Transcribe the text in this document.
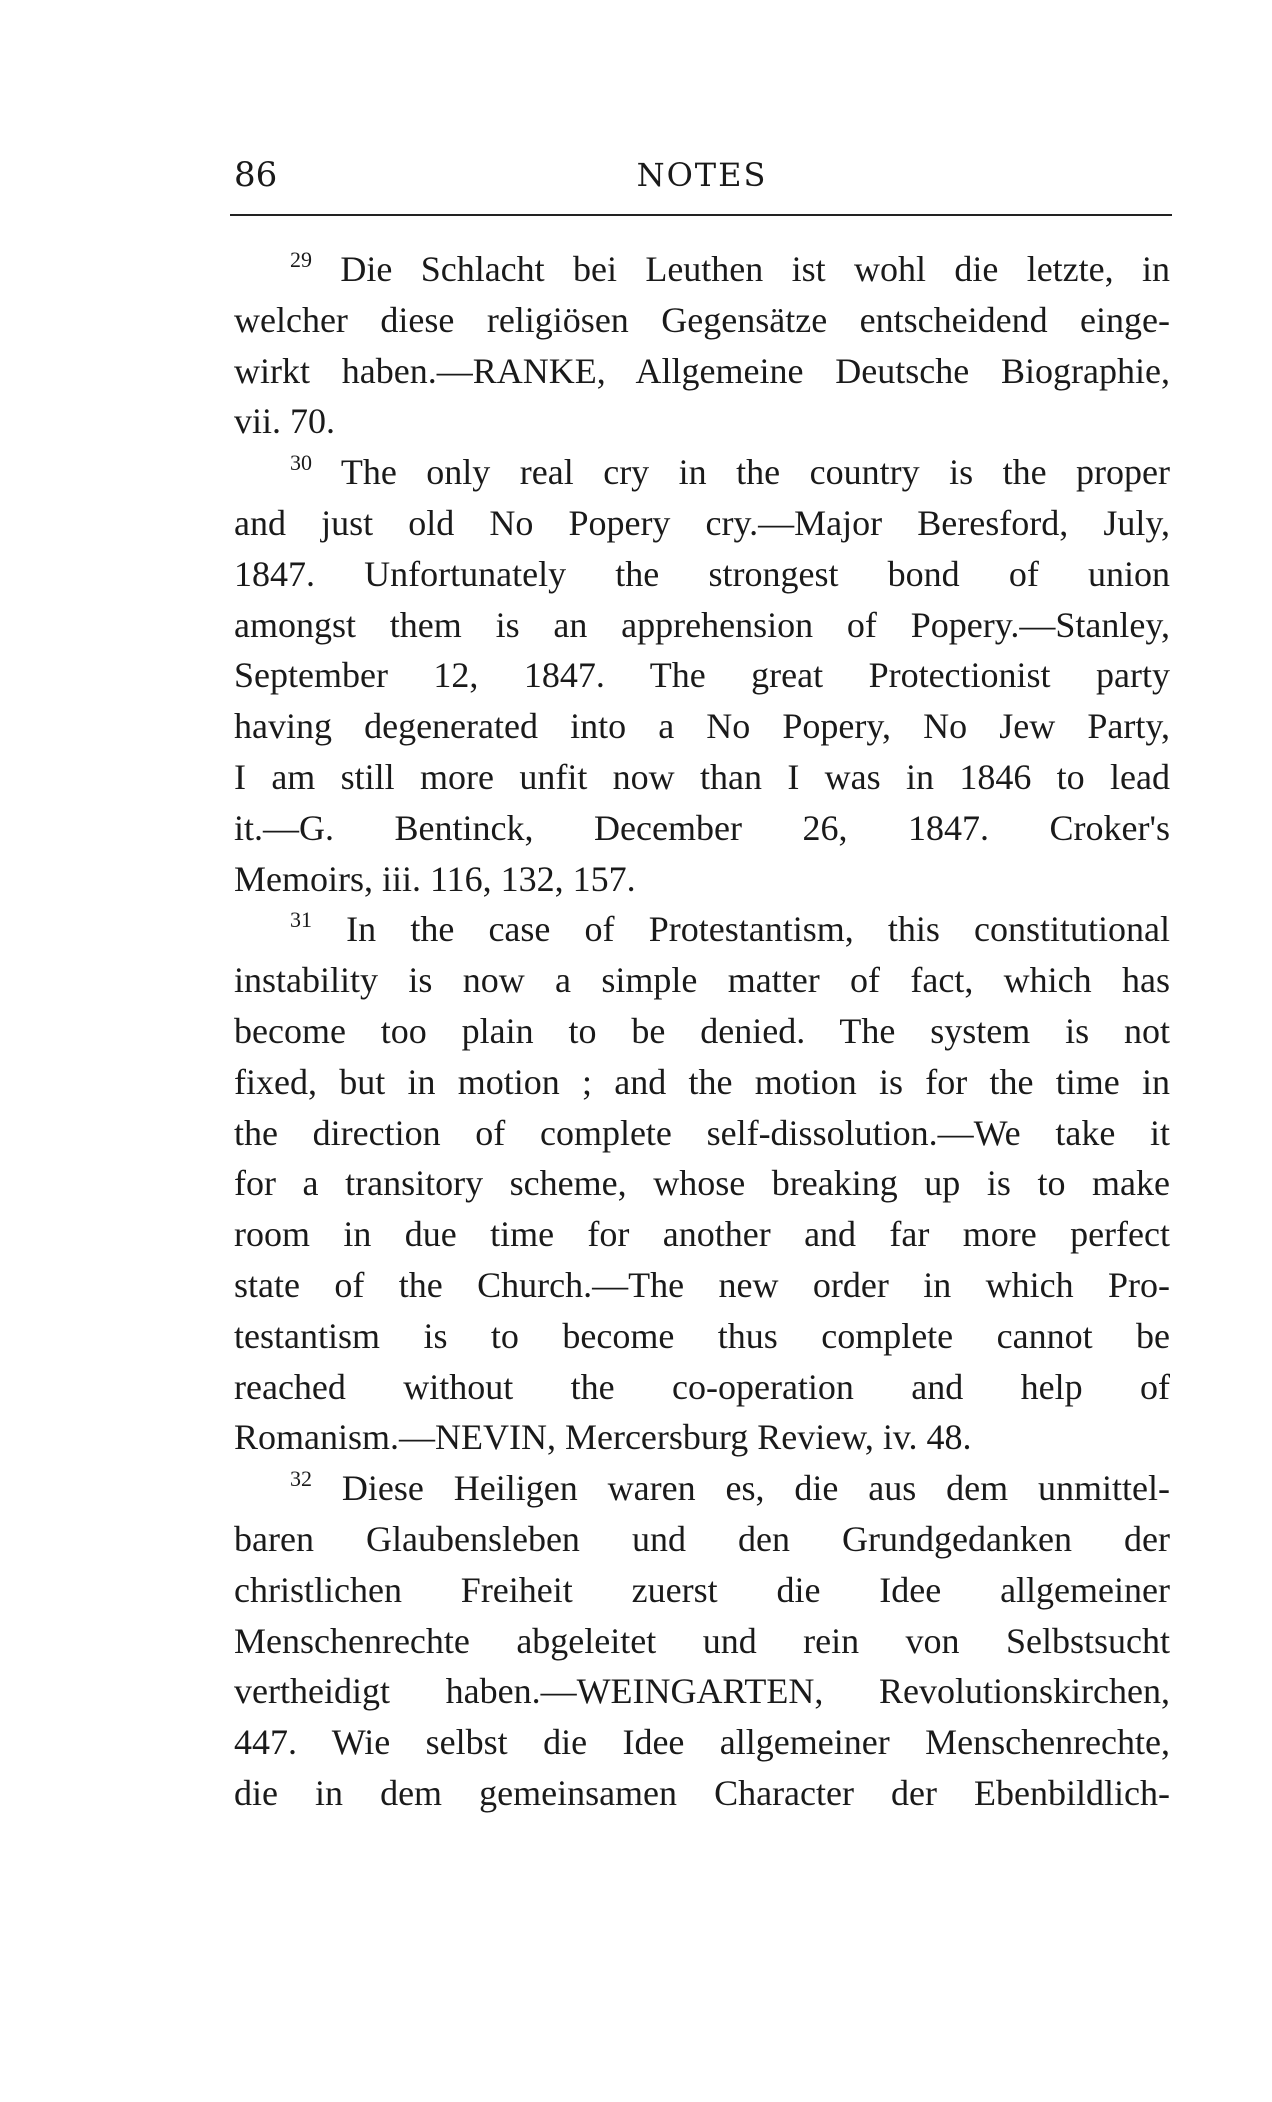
86	NOTES
$^{29}$ Die Schlacht bei Leuthen ist wohl die letzte, in
welcher diese religiösen Gegensätze entscheidend einge-
wirkt haben.—RANKE, Allgemeine Deutsche Biographie,
vii. 70.
$^{30}$ The only real cry in the country is the proper
and just old No Popery cry.—Major Beresford, July,
1847. Unfortunately the strongest bond of union
amongst them is an apprehension of Popery.—Stanley,
September 12, 1847. The great Protectionist party
having degenerated into a No Popery, No Jew Party,
I am still more unfit now than I was in 1846 to lead
it.—G. Bentinck, December 26, 1847. Croker's
Memoirs, iii. 116, 132, 157.
$^{31}$ In the case of Protestantism, this constitutional
instability is now a simple matter of fact, which has
become too plain to be denied. The system is not
fixed, but in motion ; and the motion is for the time in
the direction of complete self-dissolution.—We take it
for a transitory scheme, whose breaking up is to make
room in due time for another and far more perfect
state of the Church.—The new order in which Pro-
testantism is to become thus complete cannot be
reached without the co-operation and help of
Romanism.—NEVIN, Mercersburg Review, iv. 48.
$^{32}$ Diese Heiligen waren es, die aus dem unmittel-
baren Glaubensleben und den Grundgedanken der
christlichen Freiheit zuerst die Idee allgemeiner
Menschenrechte abgeleitet und rein von Selbstsucht
vertheidigt haben.—WEINGARTEN, Revolutionskirchen,
447. Wie selbst die Idee allgemeiner Menschenrechte,
die in dem gemeinsamen Character der Ebenbildlich-
